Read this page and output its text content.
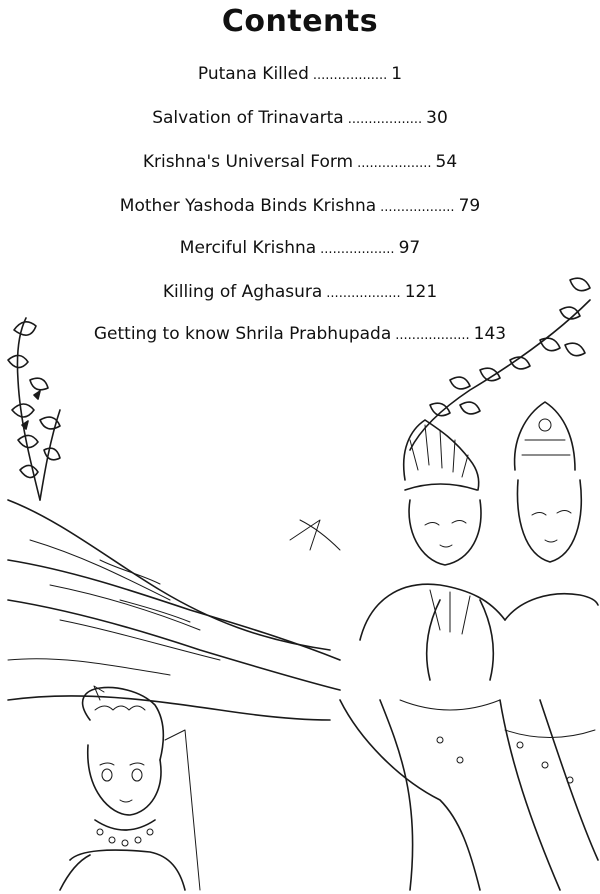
Contents
Putana Killed .................. 1
Salvation of Trinavarta .................. 30
Krishna's Universal Form .................. 54
Mother Yashoda Binds Krishna .................. 79
Merciful Krishna .................. 97
Killing of Aghasura .................. 121
Getting to know Shrila Prabhupada .................. 143
